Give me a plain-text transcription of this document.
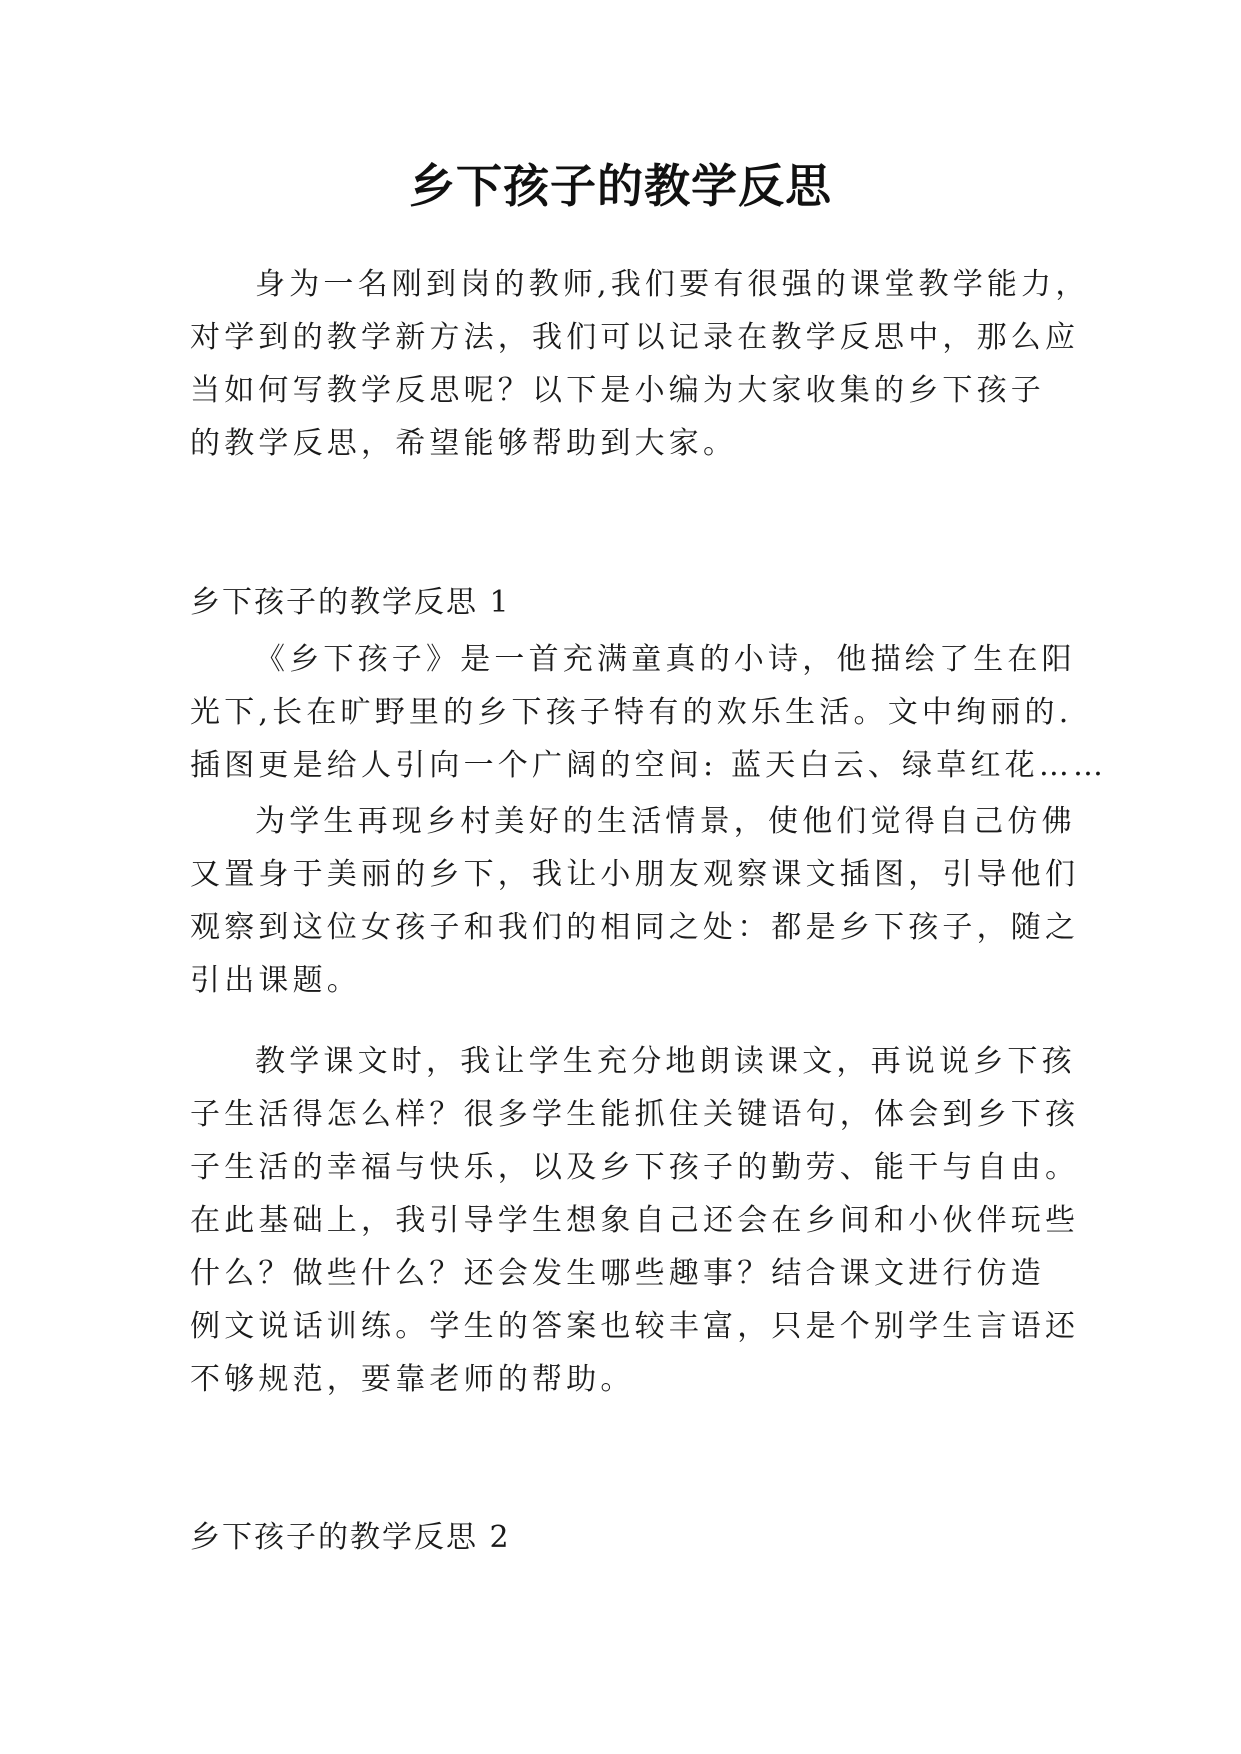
乡下孩子的教学反思
身为一名刚到岗的教师,我们要有很强的课堂教学能力，
对学到的教学新方法，我们可以记录在教学反思中，那么应
当如何写教学反思呢？以下是小编为大家收集的乡下孩子
的教学反思，希望能够帮助到大家。
乡下孩子的教学反思 1
《乡下孩子》是一首充满童真的小诗，他描绘了生在阳
光下,长在旷野里的乡下孩子特有的欢乐生活。文中绚丽的.
插图更是给人引向一个广阔的空间: 蓝天白云、绿草红花……
为学生再现乡村美好的生活情景，使他们觉得自己仿佛
又置身于美丽的乡下，我让小朋友观察课文插图，引导他们
观察到这位女孩子和我们的相同之处：都是乡下孩子，随之
引出课题。
教学课文时，我让学生充分地朗读课文，再说说乡下孩
子生活得怎么样？很多学生能抓住关键语句，体会到乡下孩
子生活的幸福与快乐，以及乡下孩子的勤劳、能干与自由。
在此基础上，我引导学生想象自己还会在乡间和小伙伴玩些
什么？做些什么？还会发生哪些趣事？结合课文进行仿造
例文说话训练。学生的答案也较丰富，只是个别学生言语还
不够规范，要靠老师的帮助。
乡下孩子的教学反思 2
